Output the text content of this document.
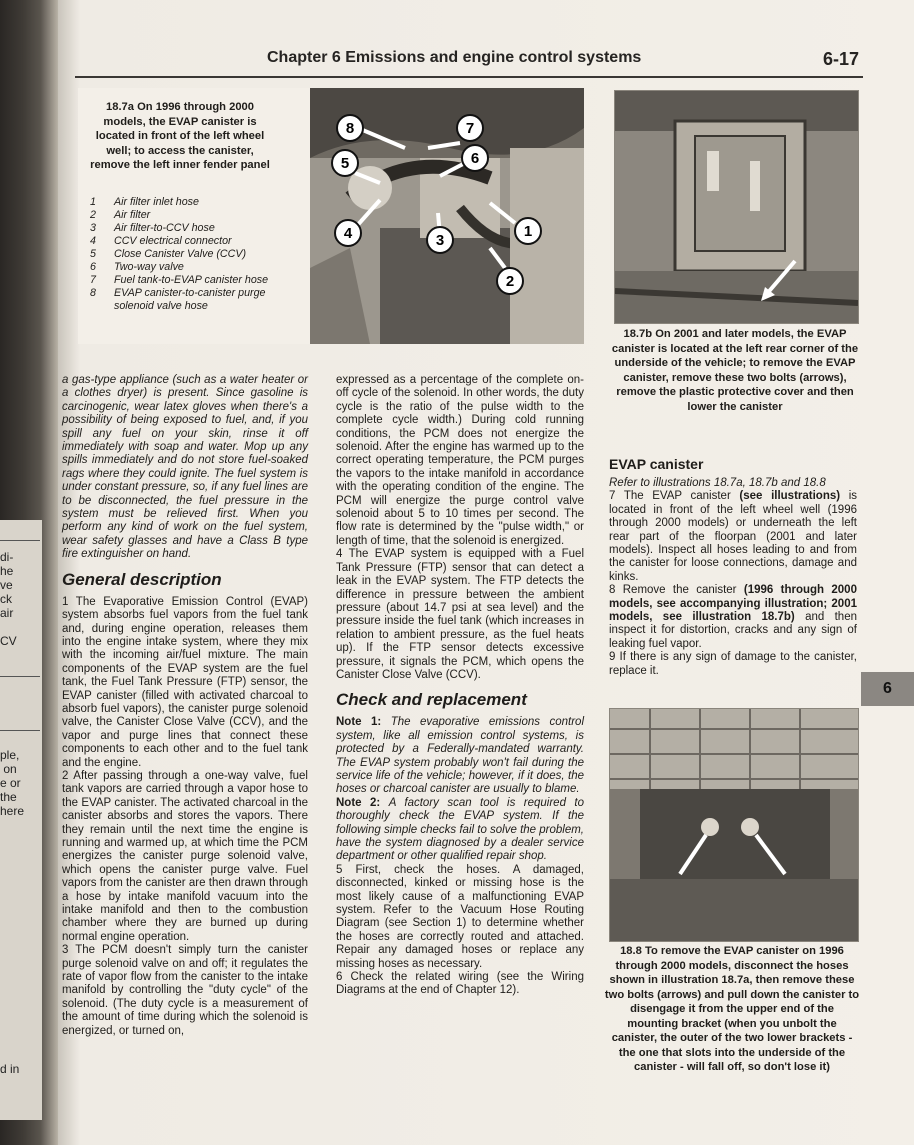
di-
he
ve
ck
air
CV
ple,
on
e or
the
here
d in
Chapter 6 Emissions and engine control systems	6-17
6
8	7
6
5
4	3
1
2
18.7a On 1996 through 2000 models, the EVAP canister is located in front of the left wheel well; to access the canister, remove the left inner fender panel
1	Air filter inlet hose
2	Air filter
3	Air filter-to-CCV hose
4	CCV electrical connector
5	Close Canister Valve (CCV)
6	Two-way valve
7	Fuel tank-to-EVAP canister hose
8	EVAP canister-to-canister purge solenoid valve hose
18.7b On 2001 and later models, the EVAP canister is located at the left rear corner of the underside of the vehicle; to remove the EVAP canister, remove these two bolts (arrows), remove the plastic protective cover and then lower the canister
18.8 To remove the EVAP canister on 1996 through 2000 models, disconnect the hoses shown in illustration 18.7a, then remove these two bolts (arrows) and pull down the canister to disengage it from the upper end of the mounting bracket (when you unbolt the canister, the outer of the two lower brackets - the one that slots into the underside of the canister - will fall off, so don't lose it)

a gas-type appliance (such as a water heater or a clothes dryer) is present. Since gasoline is carcinogenic, wear latex gloves when there's a possibility of being exposed to fuel, and, if you spill any fuel on your skin, rinse it off immediately with soap and water. Mop up any spills immediately and do not store fuel-soaked rags where they could ignite. The fuel system is under constant pressure, so, if any fuel lines are to be disconnected, the fuel pressure in the system must be relieved first. When you perform any kind of work on the fuel system, wear safety glasses and have a Class B type fire extinguisher on hand.

General description

1 The Evaporative Emission Control (EVAP) system absorbs fuel vapors from the fuel tank and, during engine operation, releases them into the engine intake system, where they mix with the incoming air/fuel mixture. The main components of the EVAP system are the fuel tank, the Fuel Tank Pressure (FTP) sensor, the EVAP canister (filled with activated charcoal to absorb fuel vapors), the canister purge solenoid valve, the Canister Close Valve (CCV), and the vapor and purge lines that connect these components to each other and to the fuel tank and the engine.

2 After passing through a one-way valve, fuel tank vapors are carried through a vapor hose to the EVAP canister. The activated charcoal in the canister absorbs and stores the vapors. There they remain until the next time the engine is running and warmed up, at which time the PCM energizes the canister purge solenoid valve, which opens the canister purge valve. Fuel vapors from the canister are then drawn through a hose by intake manifold vacuum into the intake manifold and then to the combustion chamber where they are burned up during normal engine operation.

3 The PCM doesn't simply turn the canister purge solenoid valve on and off; it regulates the rate of vapor flow from the canister to the intake manifold by controlling the "duty cycle" of the solenoid. (The duty cycle is a measurement of the amount of time during which the solenoid is energized, or turned on,

expressed as a percentage of the complete on-off cycle of the solenoid. In other words, the duty cycle is the ratio of the pulse width to the complete cycle width.) During cold running conditions, the PCM does not energize the solenoid. After the engine has warmed up to the correct operating temperature, the PCM purges the vapors to the intake manifold in accordance with the operating condition of the engine. The PCM will energize the purge control valve solenoid about 5 to 10 times per second. The flow rate is determined by the "pulse width," or length of time, that the solenoid is energized.

4 The EVAP system is equipped with a Fuel Tank Pressure (FTP) sensor that can detect a leak in the EVAP system. The FTP detects the difference in pressure between the ambient pressure (about 14.7 psi at sea level) and the pressure inside the fuel tank (which increases in relation to ambient pressure, as the fuel heats up). If the FTP sensor detects excessive pressure, it signals the PCM, which opens the Canister Close Valve (CCV).

Check and replacement

Note 1: The evaporative emissions control system, like all emission control systems, is protected by a Federally-mandated warranty. The EVAP system probably won't fail during the service life of the vehicle; however, if it does, the hoses or charcoal canister are usually to blame.

Note 2: A factory scan tool is required to thoroughly check the EVAP system. If the following simple checks fail to solve the problem, have the system diagnosed by a dealer service department or other qualified repair shop.

5 First, check the hoses. A damaged, disconnected, kinked or missing hose is the most likely cause of a malfunctioning EVAP system. Refer to the Vacuum Hose Routing Diagram (see Section 1) to determine whether the hoses are correctly routed and attached. Repair any damaged hoses or replace any missing hoses as necessary.

6 Check the related wiring (see the Wiring Diagrams at the end of Chapter 12).

EVAP canister

Refer to illustrations 18.7a, 18.7b and 18.8

7 The EVAP canister (see illustrations) is located in front of the left wheel well (1996 through 2000 models) or underneath the left rear part of the floorpan (2001 and later models). Inspect all hoses leading to and from the canister for loose connections, damage and kinks.

8 Remove the canister (1996 through 2000 models, see accompanying illustration; 2001 models, see illustration 18.7b) and then inspect it for distortion, cracks and any sign of leaking fuel vapor.

9 If there is any sign of damage to the canister, replace it.
